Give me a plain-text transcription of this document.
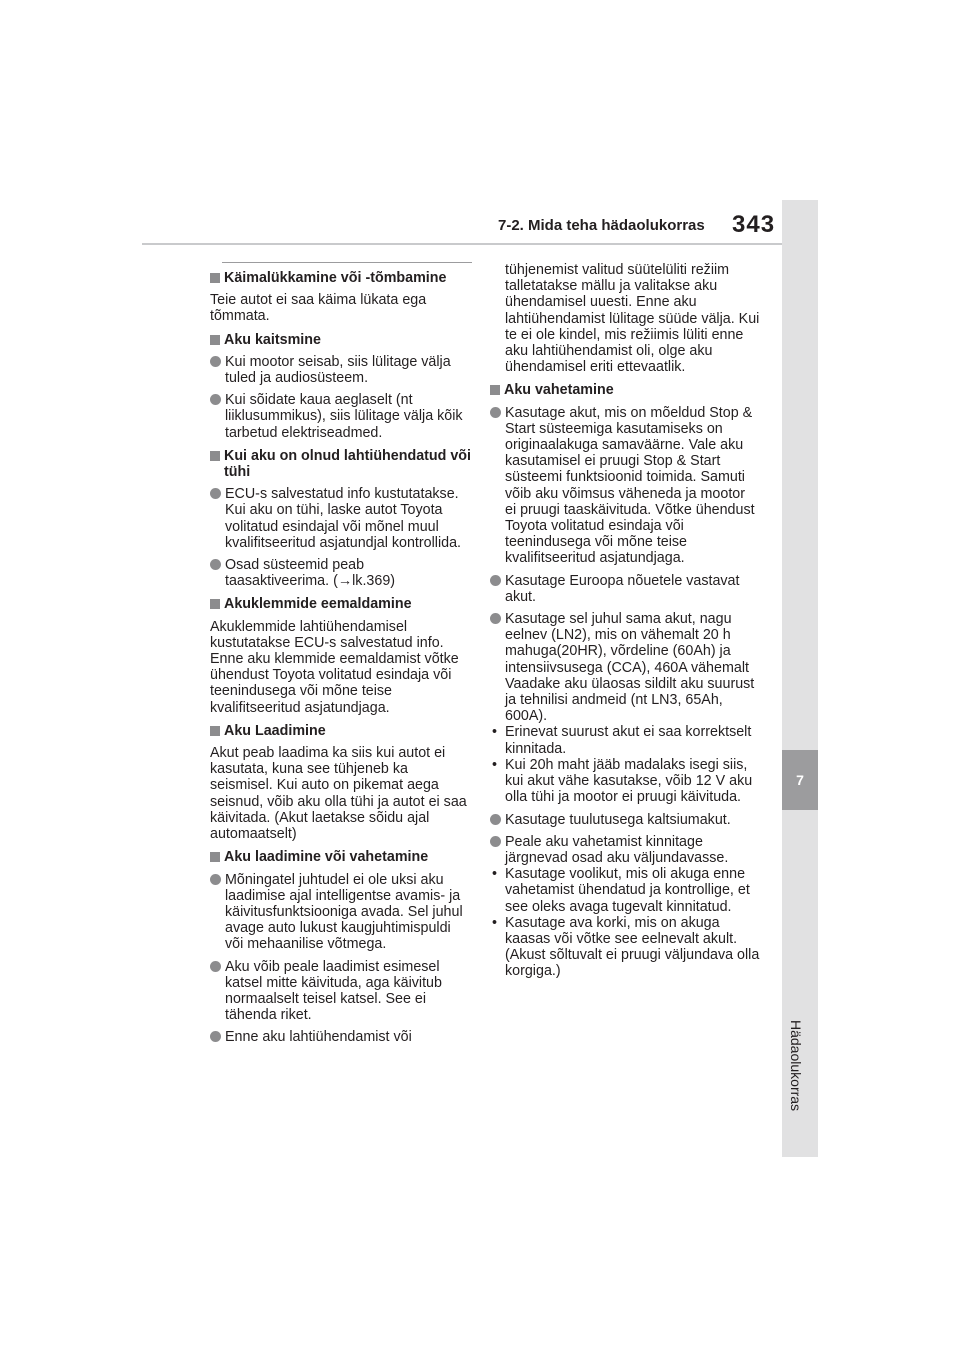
7-2. Mida teha hädaolukorras 343
7
Hädaolukorras
Käimalükkamine või -tõmbamine
Teie autot ei saa käima lükata ega tõmmata.
Aku kaitsmine
Kui mootor seisab, siis lülitage välja tuled ja audiosüsteem.
Kui sõidate kaua aeglaselt (nt liiklusummikus), siis lülitage välja kõik tarbetud elektriseadmed.
Kui aku on olnud lahtiühendatud või tühi
ECU-s salvestatud info kustutatakse. Kui aku on tühi, laske autot Toyota volitatud esindajal või mõnel muul kvalifitseeritud asjatundjal kontrollida.
Osad süsteemid peab taasaktiveerima. (→lk.369)
Akuklemmide eemaldamine
Akuklemmide lahtiühendamisel kustutatakse ECU-s salvestatud info. Enne aku klemmide eemaldamist võtke ühendust Toyota volitatud esindaja või teenindusega või mõne teise kvalifitseeritud asjatundjaga.
Aku Laadimine
Akut peab laadima ka siis kui autot ei kasutata, kuna see tühjeneb ka seismisel. Kui auto on pikemat aega seisnud, võib aku olla tühi ja autot ei saa käivitada. (Akut laetakse sõidu ajal automaatselt)
Aku laadimine või vahetamine
Mõningatel juhtudel ei ole uksi aku laadimise ajal intelligentse avamis- ja käivitusfunktsiooniga avada. Sel juhul avage auto lukust kaugjuhtimispuldi või mehaanilise võtmega.
Aku võib peale laadimist esimesel katsel mitte käivituda, aga käivitub normaalselt teisel katsel. See ei tähenda riket.
Enne aku lahtiühendamist või
tühjenemist valitud süütelüliti režiim talletatakse mällu ja valitakse aku ühendamisel uuesti. Enne aku lahtiühendamist lülitage süüde välja. Kui te ei ole kindel, mis režiimis lüliti enne aku lahtiühendamist oli, olge aku ühendamisel eriti ettevaatlik.
Aku vahetamine
Kasutage akut, mis on mõeldud Stop & Start süsteemiga kasutamiseks on originaalakuga samaväärne. Vale aku kasutamisel ei pruugi Stop & Start süsteemi funktsioonid toimida. Samuti võib aku võimsus väheneda ja mootor ei pruugi taaskäivituda. Võtke ühendust Toyota volitatud esindaja või teenindusega või mõne teise kvalifitseeritud asjatundjaga.
Kasutage Euroopa nõuetele vastavat akut.
Kasutage sel juhul sama akut, nagu eelnev (LN2), mis on vähemalt 20 h mahuga(20HR), võrdeline (60Ah) ja intensiivsusega (CCA), 460A vähemalt Vaadake aku ülaosas sildilt aku suurust ja tehnilisi andmeid (nt LN3, 65Ah, 600A).
• Erinevat suurust akut ei saa korrektselt kinnitada.
• Kui 20h maht jääb madalaks isegi siis, kui akut vähe kasutakse, võib 12 V aku olla tühi ja mootor ei pruugi käivituda.
Kasutage tuulutusega kaltsiumakut.
Peale aku vahetamist kinnitage järgnevad osad aku väljundavasse.
• Kasutage voolikut, mis oli akuga enne vahetamist ühendatud ja kontrollige, et see oleks avaga tugevalt kinnitatud.
• Kasutage ava korki, mis on akuga kaasas või võtke see eelnevalt akult. (Akust sõltuvalt ei pruugi väljundava olla korgiga.)
